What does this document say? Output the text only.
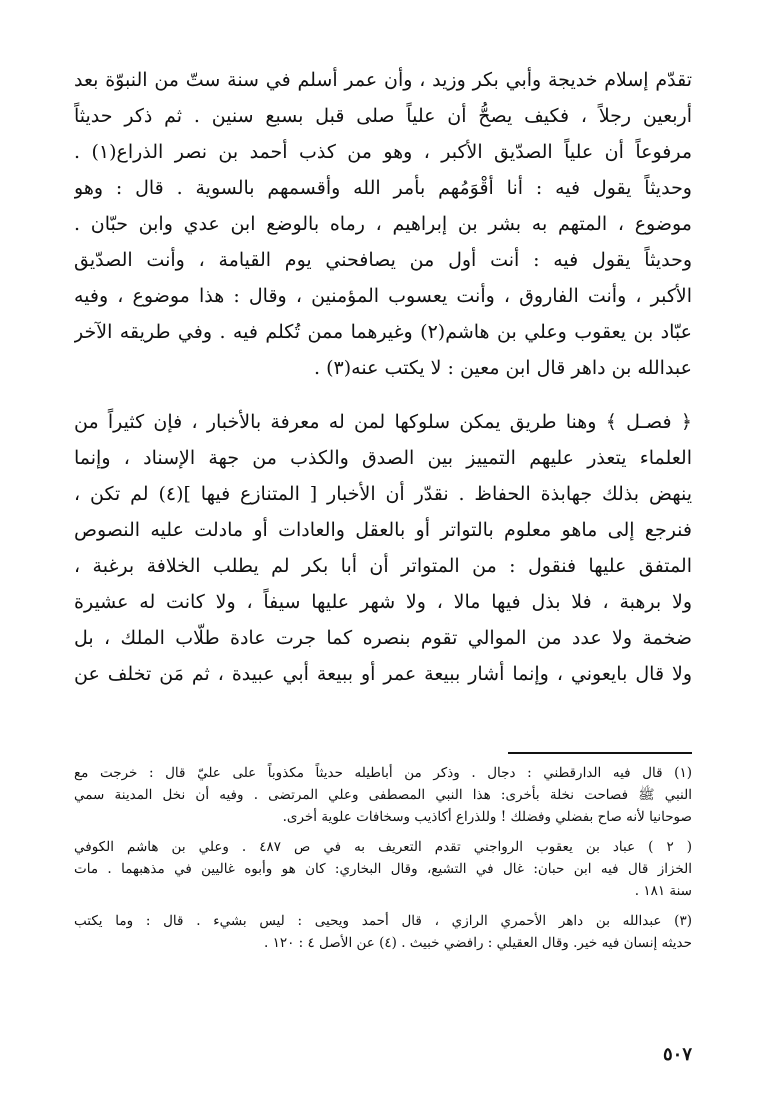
تقدّم إسلام خديجة وأبي بكر وزيد ، وأن عمر أسلم في سنة ستّ من النبوّة بعد
أربعين رجلاً ، فكيف يصحُّ أن علياً صلى قبل بسبع سنين . ثم ذكر حديثاً
مرفوعاً أن علياً الصدّيق الأكبر ، وهو من كذب أحمد بن نصر الذراع(١) .
وحديثاً يقول فيه : أنا أقْوَمُهم بأمر الله وأقسمهم بالسوية . قال : وهو
موضوع ، المتهم به بشر بن إبراهيم ، رماه بالوضع ابن عدي وابن حبّان .
وحديثاً يقول فيه : أنت أول من يصافحني يوم القيامة ، وأنت الصدّيق
الأكبر ، وأنت الفاروق ، وأنت يعسوب المؤمنين ، وقال : هذا موضوع ، وفيه
عبّاد بن يعقوب وعلي بن هاشم(٢) وغيرهما ممن تُكلم فيه . وفي طريقه الآخر
عبدالله بن داهر قال ابن معين : لا يكتب عنه(٣) .
﴿ فصـل ﴾ وهنا طريق يمكن سلوكها لمن له معرفة بالأخبار ، فإن كثيراً من
العلماء يتعذر عليهم التمييز بين الصدق والكذب من جهة الإسناد ، وإنما
ينهض بذلك جهابذة الحفاظ . نقدّر أن الأخبار [ المتنازع فيها ](٤) لم تكن ،
فنرجع إلى ماهو معلوم بالتواتر أو بالعقل والعادات أو مادلت عليه النصوص
المتفق عليها فنقول : من المتواتر أن أبا بكر لم يطلب الخلافة برغبة ،
ولا برهبة ، فلا بذل فيها مالا ، ولا شهر عليها سيفاً ، ولا كانت له عشيرة
ضخمة ولا عدد من الموالي تقوم بنصره كما جرت عادة طلّاب الملك ، بل
ولا قال بايعوني ، وإنما أشار ببيعة عمر أو ببيعة أبي عبيدة ، ثم مَن تخلف عن
(١) قال فيه الدارقطني : دجال . وذكر من أباطيله حديثاً مكذوباً على عليّ قال : خرجت مع
النبي ﷺ فصاحت نخلة بأخرى: هذا النبي المصطفى وعلي المرتضى . وفيه أن نخل المدينة سمي
صوحانيا لأنه صاح بفضلي وفضلك ! وللذراع أكاذيب وسخافات علوية أخرى.
( ٢ ) عباد بن يعقوب الرواجني تقدم التعريف به في ص ٤٨٧ . وعلي بن هاشم الكوفي
الخزاز قال فيه ابن حبان: غال في التشيع، وقال البخاري: كان هو وأبوه غاليين في مذهبهما . مات
سنة ١٨١ .
(٣) عبدالله بن داهر الأحمري الرازي ، قال أحمد ويحيى : ليس بشيء . قال : وما يكتب
حديثه إنسان فيه خير. وقال العقيلي : رافضي خبيث . (٤) عن الأصل ٤ : ١٢٠ .
٥٠٧
